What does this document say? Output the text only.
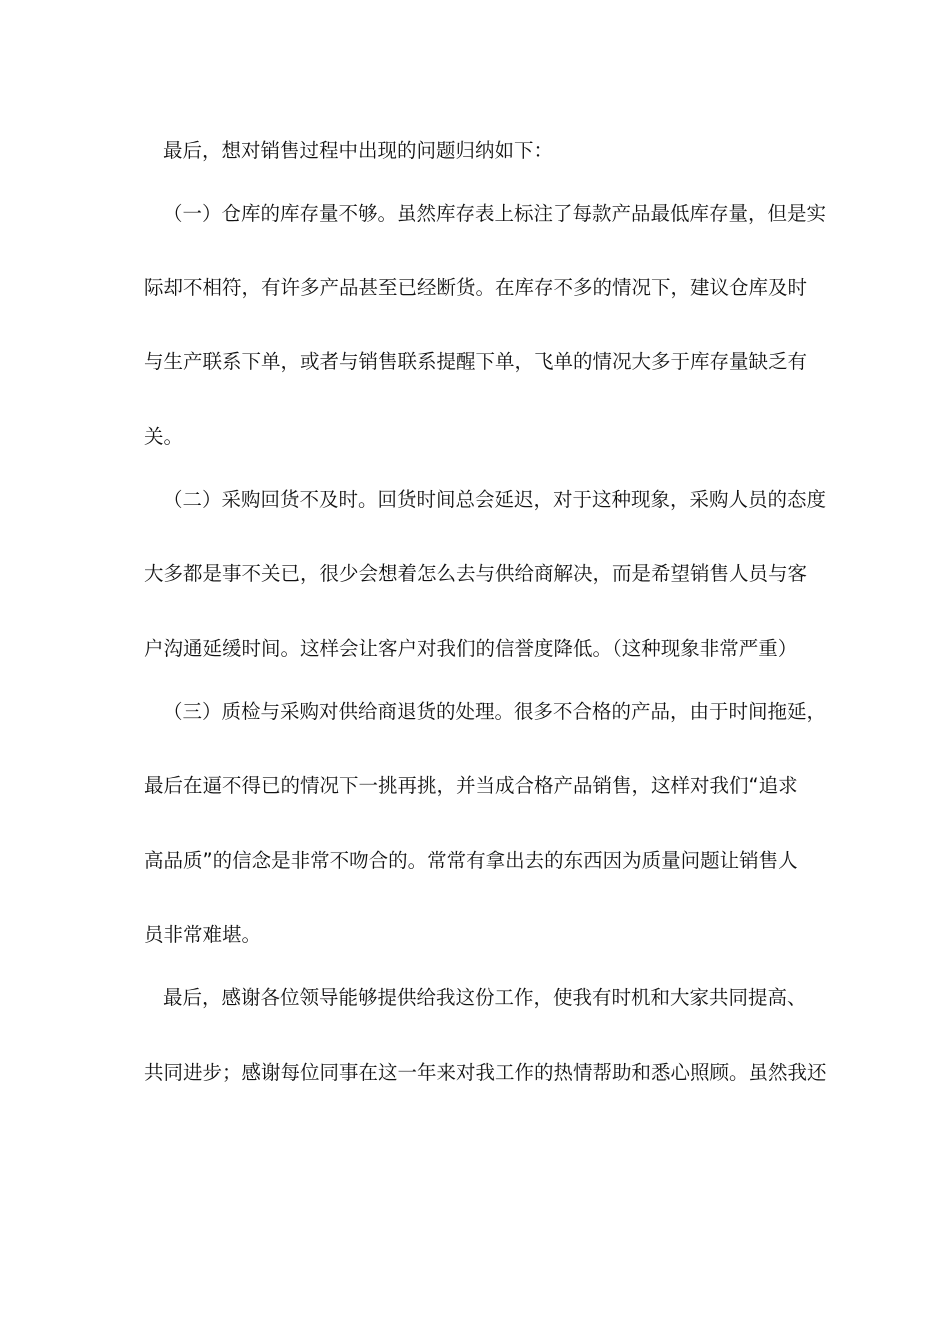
最后，想对销售过程中出现的问题归纳如下：
（一）仓库的库存量不够。虽然库存表上标注了每款产品最低库存量，但是实
际却不相符，有许多产品甚至已经断货。在库存不多的情况下，建议仓库及时
与生产联系下单，或者与销售联系提醒下单，飞单的情况大多于库存量缺乏有
关。
（二）采购回货不及时。回货时间总会延迟，对于这种现象，采购人员的态度
大多都是事不关已，很少会想着怎么去与供给商解决，而是希望销售人员与客
户沟通延缓时间。这样会让客户对我们的信誉度降低。（这种现象非常严重）
（三）质检与采购对供给商退货的处理。很多不合格的产品，由于时间拖延，
最后在逼不得已的情况下一挑再挑，并当成合格产品销售，这样对我们“追求
高品质”的信念是非常不吻合的。常常有拿出去的东西因为质量问题让销售人
员非常难堪。
最后，感谢各位领导能够提供给我这份工作，使我有时机和大家共同提高、
共同进步；感谢每位同事在这一年来对我工作的热情帮助和悉心照顾。虽然我还
